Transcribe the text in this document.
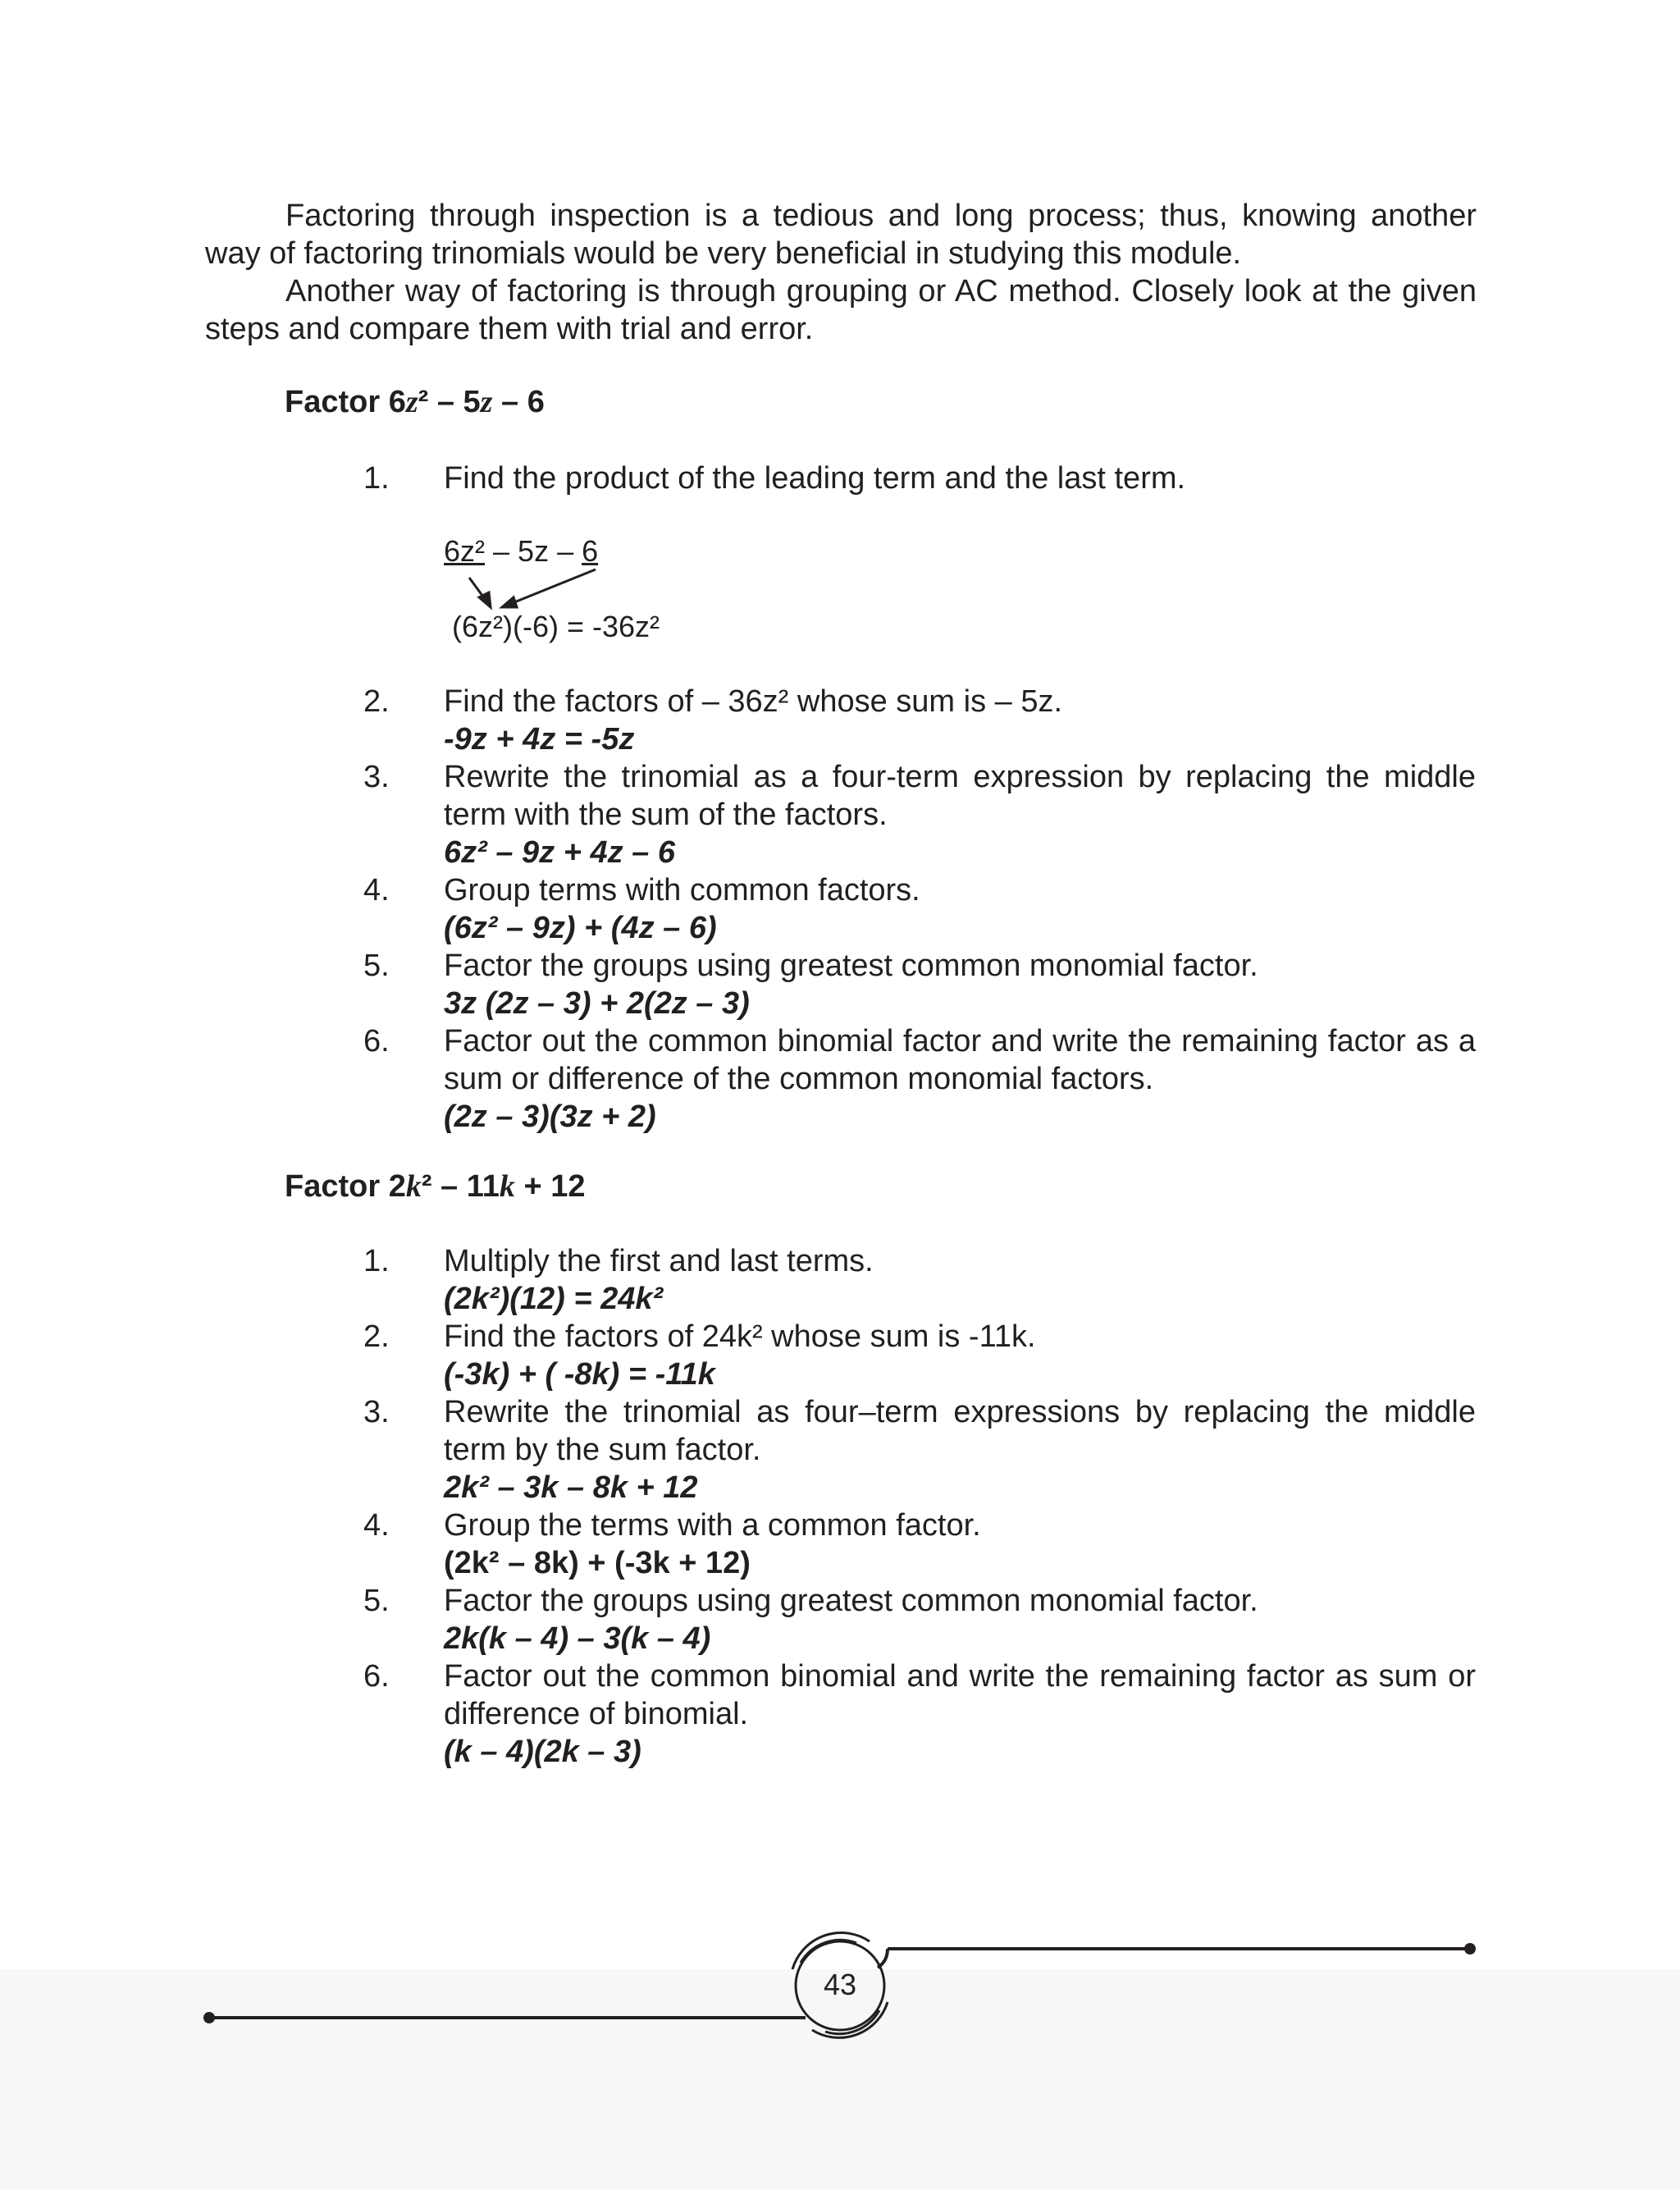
Factoring through inspection is a tedious and long process; thus, knowing another way of factoring trinomials would be very beneficial in studying this module.

Another way of factoring is through grouping or AC method. Closely look at the given steps and compare them with trial and error.

Factor 6z² – 5z – 6

1. Find the product of the leading term and the last term.
6z² – 5z – 6
(6z²)(-6) = -36z²
2. Find the factors of – 36z² whose sum is – 5z.
-9z + 4z = -5z
3. Rewrite the trinomial as a four-term expression by replacing the middle term with the sum of the factors.
6z² – 9z + 4z – 6
4. Group terms with common factors.
(6z² – 9z) + (4z – 6)
5. Factor the groups using greatest common monomial factor.
3z (2z – 3) + 2(2z – 3)
6. Factor out the common binomial factor and write the remaining factor as a sum or difference of the common monomial factors.
(2z – 3)(3z + 2)

Factor 2k² – 11k + 12

1. Multiply the first and last terms.
(2k²)(12) = 24k²
2. Find the factors of 24k² whose sum is -11k.
(-3k) + ( -8k) = -11k
3. Rewrite the trinomial as four–term expressions by replacing the middle term by the sum factor.
2k² – 3k – 8k + 12
4. Group the terms with a common factor.
(2k² – 8k) + (-3k + 12)
5. Factor the groups using greatest common monomial factor.
2k(k – 4) – 3(k – 4)
6. Factor out the common binomial and write the remaining factor as sum or difference of binomial.
(k – 4)(2k – 3)
43
